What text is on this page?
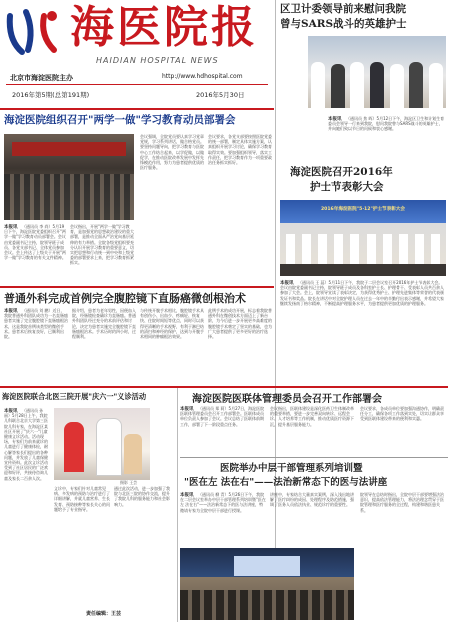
海医院报
HAIDIAN HOSPITAL NEWS
北京市海淀医院主办	http://www.hdhospital.com
2016年第5期(总第191期)	2016年5月30日
区卫计委领导前来慰问我院
曾与SARS战斗的英雄护士
本报讯	（通讯员 焦 晖）5月12日下午，海淀区卫生和计划生育委员会领导一行来到我院，慰问我院曾与SARS战斗的英雄护士，并向她们致以节日的问候和衷心感谢。
海淀医院组织召开"两学一做"学习教育动员部署会
本报讯	（通讯员 李 尚）5月19日下午，海淀医院党委组织召开"两学一做"学习教育动员部署会。会议由党委副书记主持，院领导班子成员、各党支部书记、全体党员参加会议。会上传达了上级关于开展"两学一做"学习教育的有关文件精神。
会议指出，开展"两学一做"学习教育，是加强党的思想政治建设的重大部署，是推动全面从严治党向基层延伸的有力举措。全院各级党组织要充分认识开展学习教育的重要意义，切实把思想和行动统一到中央和上级党委的部署要求上来，把学习教育抓紧抓实。
会议强调，全院党员要认真学习党章党规，学习系列讲话，做合格党员。要坚持问题导向，把学习教育与医院中心工作结合起来，以学促做，以做促学，在推动医院改革发展中发挥先锋模范作用，努力为患者提供优质的医疗服务。
会议要求，各党支部要按照医院党委的统一部署，制定具体实施方案，认真组织开展学习讨论，确保学习教育取得实效。要加强组织领导，落实工作责任，把学习教育作为一项重要政治任务抓实抓好。
海淀医院召开2016年
护士节表彰大会
2016年海淀医院"5·12"护士节表彰大会
普通外科完成首例完全腹腔镜下直肠癌微创根治术
本报讯	（通讯员 刘 鹏）近日，我院普通外科团队成功为一名直肠癌患者实施了完全腹腔镜下直肠癌根治术，这是我院首例该类型的微创手术。患者术后恢复良好，已顺利出院。
据介绍，患者为老年男性，因便血入院，经肠镜检查确诊为直肠癌。普通外科团队经过充分的术前评估和讨论，决定为患者实施完全腹腔镜下直肠癌根治术。手术历时约四小时，过程顺利。
与传统开腹手术相比，腹腔镜手术具有创伤小、出血少、疼痛轻、恢复快、住院时间短等优点，同时可以获得更清晰的手术视野，有利于淋巴结的清扫和神经的保护，达到与开腹手术相同的肿瘤根治效果。
此例手术的成功开展，标志着我院普通外科在微创技术方面迈上了新台阶，为今后进一步开展更多高难度的腹腔镜手术奠定了坚实的基础，也为广大患者提供了更多更好的治疗选择。
本报讯	（通讯员 王 蕊）5月11日下午，我院于二层会议室召开2016年护士节表彰大会。会议由院党委副书记主持，院领导班子成员及各科室护士长、护理骨干、受表彰人员共百余人参加了大会。会上，院领导宣读了表彰决定，为获得优秀护士、护理先进集体等荣誉的代表颁发证书和奖品。院长在讲话中对全院护理人员在过去一年中的辛勤付出表示感谢，并希望大家继续发扬南丁格尔精神，不断提高护理服务水平，为患者提供更加优质的护理服务。
海淀医院联合北医三院开展"庆六一"义诊活动
本报讯	（通讯员 孙 丽）5月28日上午，我院儿科联合北京大学第三医院儿科专家，在海淀区某社区开展了"庆六一"儿童健康义诊活动。活动现场，专家们为前来就诊的儿童进行了健康体检，耐心解答家长们提出的各种问题，并发放了儿童保健宣传资料。此次义诊活动受到了社区居民的广泛欢迎和好评，共接待咨询儿童及家长二百余人次。
摄影 王芸
义诊中，专家们针对儿童常见病、多发病的预防与治疗进行了详细讲解，并就儿童营养、生长发育、预防接种等家长关心的问题给予了专业指导。
通过此次活动，进一步加强了我院与北医三院的协作交流，提升了我院儿科的服务能力和社会影响力。
责任编辑：王芸
海淀医院医联体管理委员会召开工作部署会
本报讯	（通讯员 郑 莉）5月27日，海淀医院医联体管理委员会召开工作部署会。医联体成员单位负责人参加了会议。会议总结了医联体前期工作，部署了下一阶段重点任务。
会议指出，医联体建设是深化医药卫生体制改革的重要举措，要进一步完善双向转诊、远程会诊、人才培养等工作机制，推动优质医疗资源下沉，提升基层服务能力。
会议要求，各成员单位要加强沟通协作，明确责任分工，确保各项工作落到实处，切实让群众享受到医联体建设带来的便利和实惠。
医院举办中层干部管理系列培训暨
"医在左 法在右"——法治新常态下的医与法讲座
本报讯	（通讯员 柳 青）5月26日下午，我院在二层会议室举办中层干部管理系列培训暨"医在左 法在右"——法治新常态下的医与法讲座，特邀请专家为全院中层干部进行授课。
讲座中，专家结合大量真实案例，深入浅出地讲解了医疗纠纷的成因、处理程序及防范措施，强调了医务人员依法执业、规范诊疗的重要性。
院领导在总结时指出，全院中层干部要增强法治意识，提高依法管理能力，将法治理念贯穿于医院管理和医疗服务的全过程，构建和谐医患关系。
